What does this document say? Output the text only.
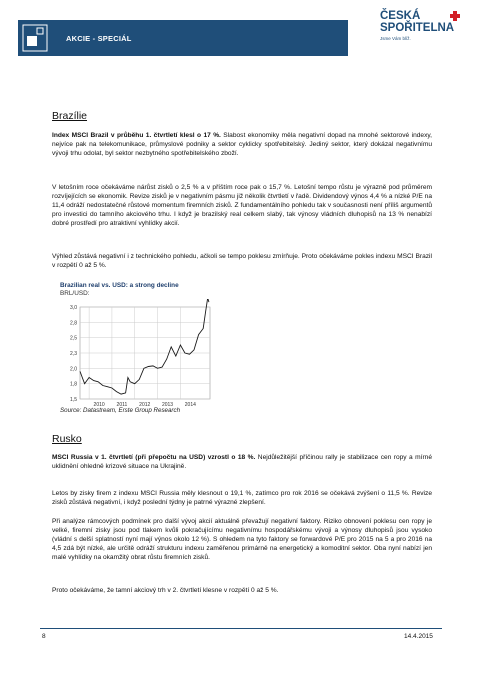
AKCIE - SPECIÁL
ČESKÁ
SPOŘITELNA
Jsme Vám blíž.
Brazílie

Index MSCI Brazil v průběhu 1. čtvrtletí klesl o 17 %. Slabost ekonomiky měla negativní dopad na mnohé sektorové indexy, nejvíce pak na telekomunikace, průmyslové podniky a sektor cyklicky spotřebitelský. Jediný sektor, který dokázal negativnímu vývoji trhu odolat, byl sektor nezbytného spotřebitelského zboží.

V letošním roce očekáváme nárůst zisků o 2,5 % a v příštím roce pak o 15,7 %. Letošní tempo růstu je výrazně pod průměrem rozvíjejících se ekonomik. Revize zisků je v negativním pásmu již několik čtvrtletí v řadě. Dividendový výnos 4,4 % a nízké P/E na 11,4 odráží nedostatečné růstové momentum firemních zisků. Z fundamentálního pohledu tak v současnosti není příliš argumentů pro investici do tamního akciového trhu. I když je brazilský real celkem slabý, tak výnosy vládních dluhopisů na 13 % nenabízí dobré prostředí pro atraktivní vyhlídky akcií.

Výhled zůstává negativní i z technického pohledu, ačkoli se tempo poklesu zmírňuje. Proto očekáváme pokles indexu MSCI Brazil v rozpětí 0 až 5 %.

Brazilian real vs. USD: a strong decline
BRL/USD:
3,0
2,8
2,5
2,3
2,0
1,8
1,5
2010 2011 2012 2013 2014
Source: Datastream, Erste Group Research
Rusko

MSCI Russia v 1. čtvrtletí (při přepočtu na USD) vzrostl o 18 %. Nejdůležitější příčinou rally je stabilizace cen ropy a mírné uklidnění ohledně krizové situace na Ukrajině.

Letos by zisky firem z indexu MSCI Russia měly klesnout o 19,1 %, zatímco pro rok 2016 se očekává zvýšení o 11,5 %. Revize zisků zůstává negativní, i když poslední týdny je patrné výrazné zlepšení.

Při analýze rámcových podmínek pro další vývoj akcií aktuálně převažují negativní faktory. Riziko obnovení poklesu cen ropy je velké, firemní zisky jsou pod tlakem kvůli pokračujícímu negativnímu hospodářskému vývoji a výnosy dluhopisů jsou vysoko (vládní s delší splatností nyní mají výnos okolo 12 %). S ohledem na tyto faktory se forwardové P/E pro 2015 na 5 a pro 2016 na 4,5 zdá být nízké, ale určitě odráží strukturu indexu zaměřenou primárně na energetický a komoditní sektor. Oba nyní nabízí jen malé vyhlídky na okamžitý obrat růstu firemních zisků.

Proto očekáváme, že tamní akciový trh v 2. čtvrtletí klesne v rozpětí 0 až 5 %.

8	14.4.2015
